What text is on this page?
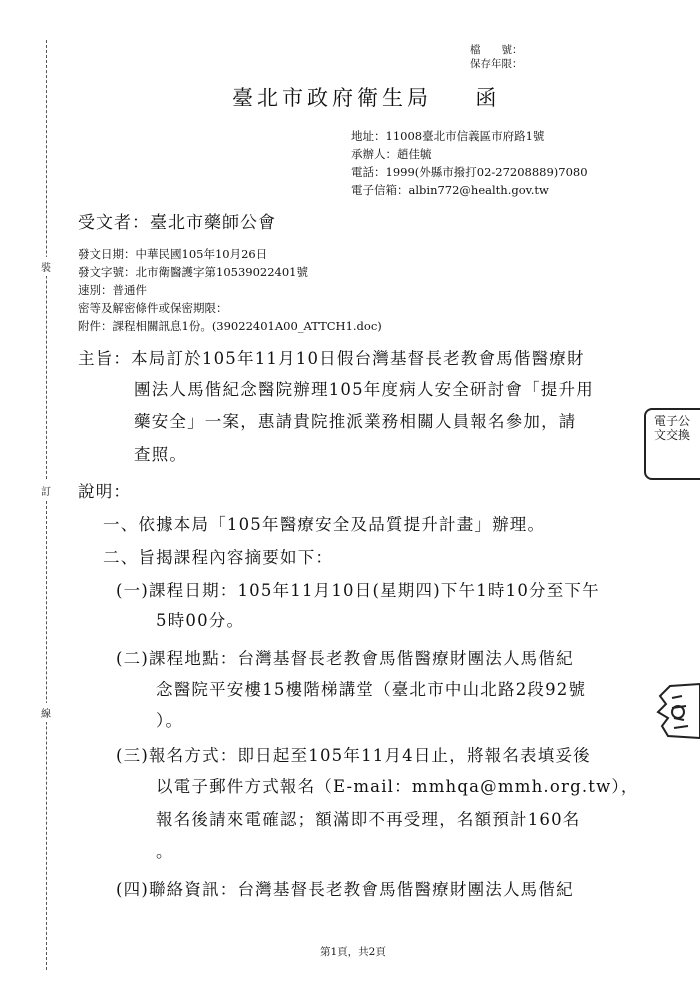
檔　　號：
保存年限：
臺北市政府衛生局 函
地址：11008臺北市信義區市府路1號
承辦人：趙佳毓
電話：1999(外縣市撥打02-27208889)7080
電子信箱：albin772@health.gov.tw
受文者：臺北市藥師公會
發文日期：中華民國105年10月26日
發文字號：北市衛醫護字第10539022401號
速別：普通件
密等及解密條件或保密期限：
附件：課程相關訊息1份。(39022401A00_ATTCH1.doc)
主旨：本局訂於105年11月10日假台灣基督長老教會馬偕醫療財
團法人馬偕紀念醫院辦理105年度病人安全研討會「提升用
藥安全」一案，惠請貴院推派業務相關人員報名參加，請
查照。
說明：
一、依據本局「105年醫療安全及品質提升計畫」辦理。
二、旨揭課程內容摘要如下：
(一)課程日期：105年11月10日(星期四)下午1時10分至下午
5時00分。
(二)課程地點：台灣基督長老教會馬偕醫療財團法人馬偕紀
念醫院平安樓15樓階梯講堂（臺北市中山北路2段92號
）。
(三)報名方式：即日起至105年11月4日止，將報名表填妥後
以電子郵件方式報名（E-mail：mmhqa@mmh.org.tw），
報名後請來電確認；額滿即不再受理，名額預計160名
。
(四)聯絡資訊：台灣基督長老教會馬偕醫療財團法人馬偕紀
裝
訂
線
電子公文交換
第1頁，共2頁
